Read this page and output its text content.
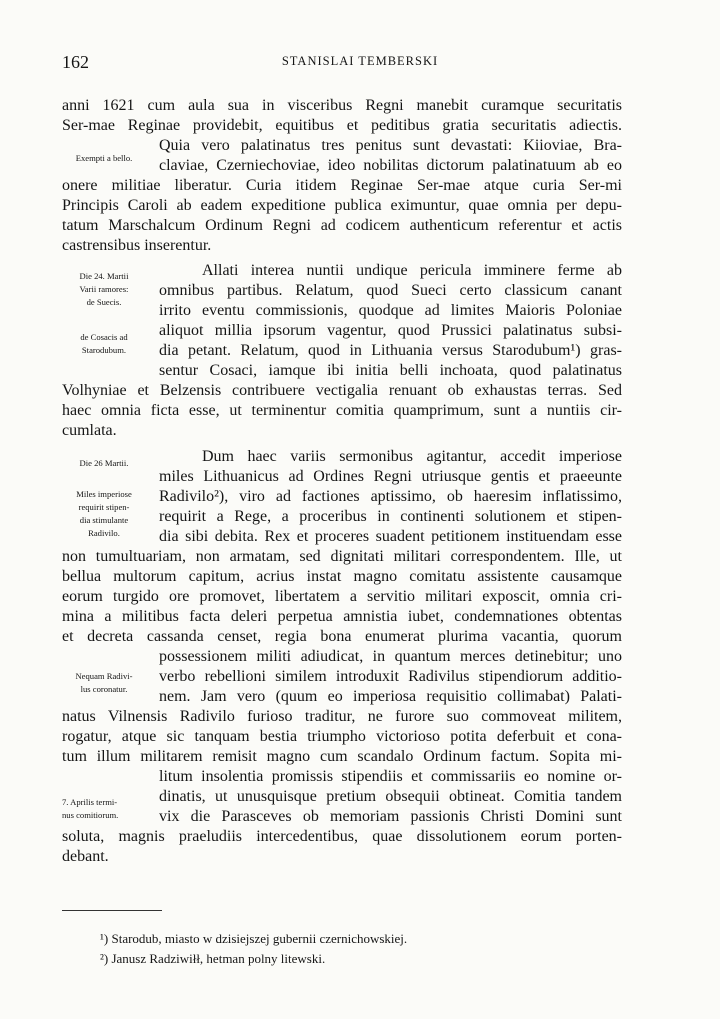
162	STANISLAI TEMBERSKI
anni 1621 cum aula sua in visceribus Regni manebit curamque securitatis
Ser-mae Reginae providebit, equitibus et peditibus gratia securitatis adiectis.
Quia vero palatinatus tres penitus sunt devastati: Kiioviae, Bra-
claviae, Czerniechoviae, ideo nobilitas dictorum palatinatuum ab eo
onere militiae liberatur. Curia itidem Reginae Ser-mae atque curia Ser-mi
Principis Caroli ab eadem expeditione publica eximuntur, quae omnia per depu-
tatum Marschalcum Ordinum Regni ad codicem authenticum referentur et actis
castrensibus inserentur.
Allati interea nuntii undique pericula imminere ferme ab
omnibus partibus. Relatum, quod Sueci certo classicum canant
irrito eventu commissionis, quodque ad limites Maioris Poloniae
aliquot millia ipsorum vagentur, quod Prussici palatinatus subsi-
dia petant. Relatum, quod in Lithuania versus Starodubum¹) gras-
sentur Cosaci, iamque ibi initia belli inchoata, quod palatinatus
Volhyniae et Belzensis contribuere vectigalia renuant ob exhaustas terras. Sed
haec omnia ficta esse, ut terminentur comitia quamprimum, sunt a nuntiis cir-
cumlata.
Dum haec variis sermonibus agitantur, accedit imperiose
miles Lithuanicus ad Ordines Regni utriusque gentis et praeeunte
Radivilo²), viro ad factiones aptissimo, ob haeresim inflatissimo,
requirit a Rege, a proceribus in continenti solutionem et stipen-
dia sibi debita. Rex et proceres suadent petitionem instituendam esse
non tumultuariam, non armatam, sed dignitati militari correspondentem. Ille, ut
bellua multorum capitum, acrius instat magno comitatu assistente causamque
eorum turgido ore promovet, libertatem a servitio militari exposcit, omnia cri-
mina a militibus facta deleri perpetua amnistia iubet, condemnationes obtentas
et decreta cassanda censet, regia bona enumerat plurima vacantia, quorum
possessionem militi adiudicat, in quantum merces detinebitur; uno
verbo rebellioni similem introduxit Radivilus stipendiorum additio-
nem. Jam vero (quum eo imperiosa requisitio collimabat) Palati-
natus Vilnensis Radivilo furioso traditur, ne furore suo commoveat militem,
rogatur, atque sic tanquam bestia triumpho victorioso potita deferbuit et cona-
tum illum militarem remisit magno cum scandalo Ordinum factum. Sopita mi-
litum insolentia promissis stipendiis et commissariis eo nomine or-
dinatis, ut unusquisque pretium obsequii obtineat. Comitia tandem
vix die Parasceves ob memoriam passionis Christi Domini sunt
soluta, magnis praeludiis intercedentibus, quae dissolutionem eorum porten-
debant.
Exempti a bello.
Die 24. Martii
Varii ramores:
de Suecis.
de Cosacis ad
Starodubum.
Die 26 Martii.
Miles imperiose
requirit stipen-
dia stimulante
Radivilo.
Nequam Radivi-
lus coronatur.
7. Aprilis termi-
nus comitiorum.
¹) Starodub, miasto w dzisiejszej gubernii czernichowskiej.
²) Janusz Radziwiłł, hetman polny litewski.
